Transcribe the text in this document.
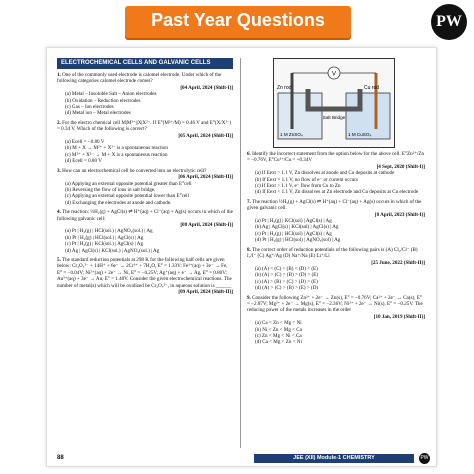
Past Year Questions	PW
ELECTROCHEMICAL CELLS AND GALVANIC CELLS
1. One of the commonly used electrode is calomel electrode. Under which of the following categories calomel electrode comes?
[04 April, 2024 (Shift-I)]
(a) Metal – Insoluble Salt – Anion electrodes
(b) Oxidation – Reduction electrodes
(c) Gas – Ion electrodes
(d) Metal ion – Metal electrodes
2. For the electro chemical cell M|M²⁺||X|X²⁻. If E°(M²⁺/M) = 0.46 V and E°(X/X²⁻) = 0.34 V. Which of the following is correct?
[05 April, 2024 (Shift-II)]
(a) Ecell = −0.80 V
(b) M + X → M²⁺ + X²⁻ is a spontaneous reaction
(c) M²⁺ + X²⁻ → M + X is a spontaneous reaction
(d) Ecell = 0.80 V
3. How can an electrochemical cell be converted into an electrolytic cell?
[06 April, 2024 (Shift-II)]
(a) Applying an external opposite potential greater than E°cell
(b) Reversing the flow of ions in salt bridge.
(c) Applying an external opposite potential lower than E°cell
(d) Exchanging the electrodes at anode and cathode.
4. The reaction: ½H₂(g) + AgCl(s) ⇌ H⁺(aq) + Cl⁻(aq) + Ag(s) occurs in which of the following galvanic cell:
[08 April, 2024 (Shift-I)]
(a) Pt | H₂(g) | HCl(sol.) | AgNO₃(sol.) | Ag
(b) Pt | H₂(g) | HCl(sol.) | AgCl(s) | Ag
(c) Pt | H₂(g) | KCl(sol.) | AgCl(s) | Ag
(d) Ag | AgCl(s) | KCl(sol.) | AgNO₃(sol.) | Ag
5. The standard reduction potentials at 298 K for the following half cells are given below: Cr₂O₇²⁻ + 14H⁺ + 6e⁻ → 2Cr³⁺ + 7H₂O, E° = 1.33V; Fe³⁺(aq) + 3e⁻ → Fe, E° = −0.04V; Ni²⁺(aq) + 2e⁻ → Ni, E° = −0.25V; Ag⁺(aq) + e⁻ → Ag, E° = 0.80V; Au³⁺(aq) + 3e⁻ → Au, E° = 1.40V. Consider the given electrochemical reactions. The number of metal(s) which will be oxidized be Cr₂O₇²⁻, in aqueous solution is ______
[09 April, 2024 (Shift-II)]
V
Zn rod	Cu rod
Salt Bridge
1 M ZnSO₄	1 M CuSO₄
6. Identify the incorrect statement from the option below for the above cell. E°Zn²⁺/Zn = −0.76V, E°Cu²⁺/Cu = +0.34V
[4 Sept, 2020 (Shift-I)]
(a) If Eext > 1.1 V, Zn dissolves at anode and Cu deposits at cathode
(b) If Eext = 1.1 V, no flow of e⁻ or current occurs
(c) If Eext > 1.1 V, e⁻ flow from Cu to Zn
(d) If Eext < 1.1 V, Zn dissolves at Zn electrode and Cu deposits at Cu electrode
7. The reaction ½H₂(g) + AgCl(s) ⇌ H⁺(aq) + Cl⁻(aq) + Ag(s) occurs in which of the given galvanic cell.
[8 April, 2023 (Shift-I)]
(a) Pt | H₂(g) | KCl(sol) | AgCl(s) | Ag
(b) Ag | AgCl(s) | KCl(sol) | AgCl(s) | Ag
(c) Pt | H₂(g) | HCl(sol) | AgCl(s) | Ag
(d) Pt | H₂(g) | HCl(sol) | AgNO₃(sol) | Ag
8. The correct order of reduction potentials of the following pairs is (A) Cl₂/Cl⁻ (B) I₂/I⁻ (C) Ag⁺/Ag (D) Na⁺/Na (E) Li⁺/Li
[25 June, 2022 (Shift-II)]
(a) (A) < (C) < (B) < (D) < (E)
(b) (A) > (C) > (B) > (D) > (E)
(c) (A) > (B) > (C) > (D) > (E)
(d) (A) > (C) > (B) > (E) > (D)
9. Consider the following Zn²⁺ + 2e⁻ → Zn(s), E° = −0.76V; Ca²⁺ + 2e⁻ → Ca(s), E° = −2.87V; Mg²⁺ + 2e⁻ → Mg(s), E° = −2.36V; Ni²⁺ + 2e⁻ → Ni(s), E° = −0.25V. The reducing power of the metals increases in the order
[10 Jan, 2019 (Shift-II)]
(a) Ca < Zn < Mg < Ni
(b) Ni < Zn < Mg < Ca
(c) Zn < Mg < Ni < Ca
(d) Ca < Mg < Zn < Ni
88	JEE (XII) Module-1 CHEMISTRY	PW
